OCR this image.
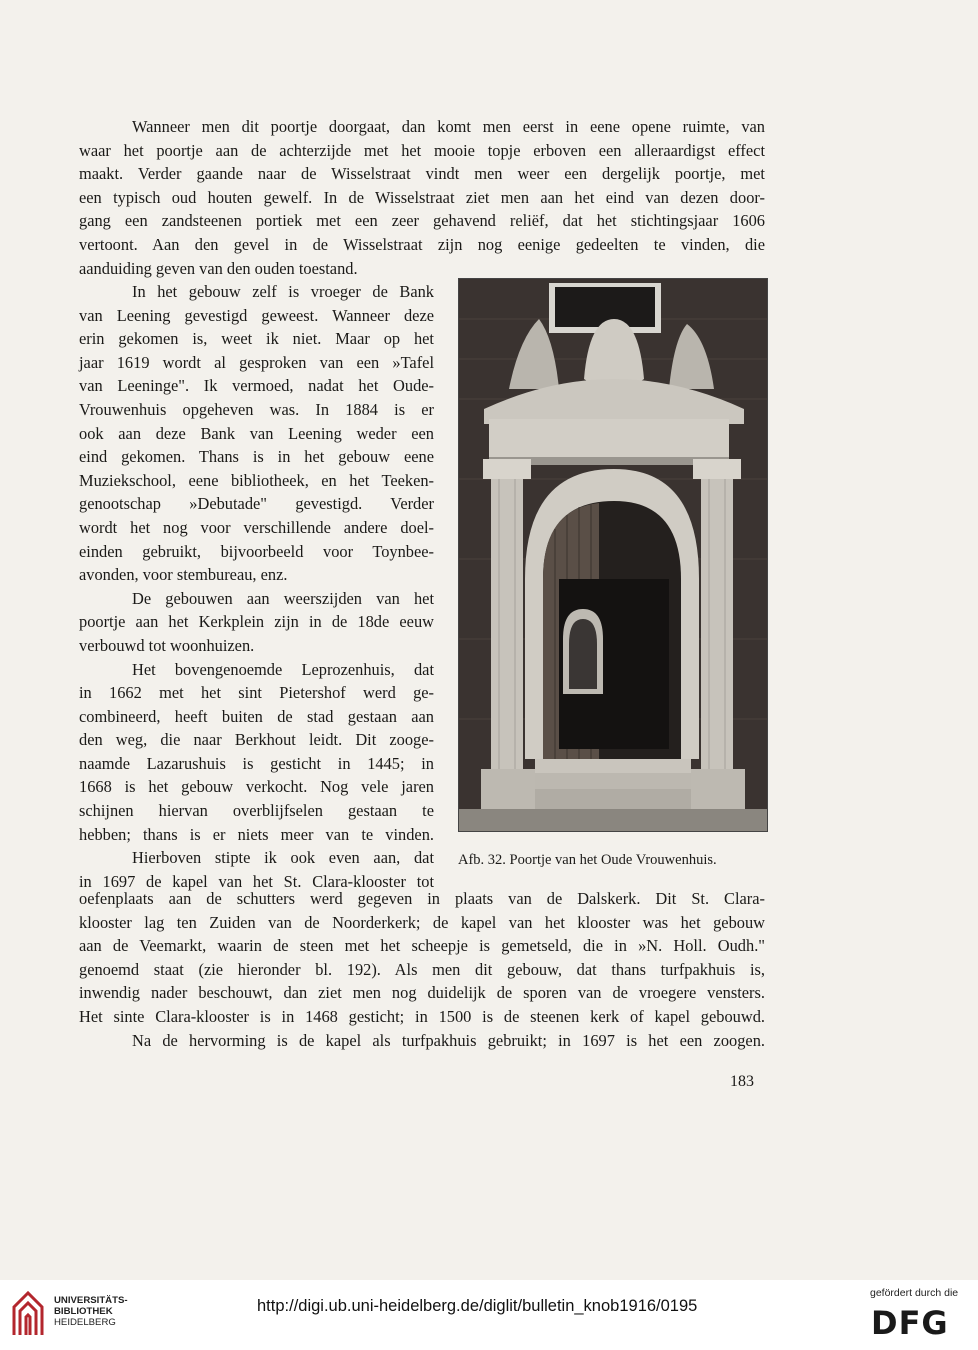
Wanneer men dit poortje doorgaat, dan komt men eerst in eene opene ruimte, van
waar het poortje aan de achterzijde met het mooie topje erboven een alleraardigst effect
maakt. Verder gaande naar de Wisselstraat vindt men weer een dergelijk poortje, met
een typisch oud houten gewelf. In de Wisselstraat ziet men aan het eind van dezen door-
gang een zandsteenen portiek met een zeer gehavend reliëf, dat het stichtingsjaar 1606
vertoont. Aan den gevel in de Wisselstraat zijn nog eenige gedeelten te vinden, die
aanduiding geven van den ouden toestand.
In het gebouw zelf is vroeger de Bank
van Leening gevestigd geweest. Wanneer deze
erin gekomen is, weet ik niet. Maar op het
jaar 1619 wordt al gesproken van een »Tafel
van Leeninge". Ik vermoed, nadat het Oude-
Vrouwenhuis opgeheven was. In 1884 is er
ook aan deze Bank van Leening weder een
eind gekomen. Thans is in het gebouw eene
Muziekschool, eene bibliotheek, en het Teeken-
genootschap »Debutade" gevestigd. Verder
wordt het nog voor verschillende andere doel-
einden gebruikt, bijvoorbeeld voor Toynbee-
avonden, voor stembureau, enz.
De gebouwen aan weerszijden van het
poortje aan het Kerkplein zijn in de 18de eeuw
verbouwd tot woonhuizen.
Het bovengenoemde Leprozenhuis, dat
in 1662 met het sint Pietershof werd ge-
combineerd, heeft buiten de stad gestaan aan
den weg, die naar Berkhout leidt. Dit zooge-
naamde Lazarushuis is gesticht in 1445; in
1668 is het gebouw verkocht. Nog vele jaren
schijnen hiervan overblijfselen gestaan te
hebben; thans is er niets meer van te vinden.
Hierboven stipte ik ook even aan, dat
in 1697 de kapel van het St. Clara-klooster tot
Afb. 32. Poortje van het Oude Vrouwenhuis.
oefenplaats aan de schutters werd gegeven in plaats van de Dalskerk. Dit St. Clara-
klooster lag ten Zuiden van de Noorderkerk; de kapel van het klooster was het gebouw
aan de Veemarkt, waarin de steen met het scheepje is gemetseld, die in »N. Holl. Oudh."
genoemd staat (zie hieronder bl. 192). Als men dit gebouw, dat thans turfpakhuis is,
inwendig nader beschouwt, dan ziet men nog duidelijk de sporen van de vroegere vensters.
Het sinte Clara-klooster is in 1468 gesticht; in 1500 is de steenen kerk of kapel gebouwd.
Na de hervorming is de kapel als turfpakhuis gebruikt; in 1697 is het een zoogen.
183
UNIVERSITÄTS-
BIBLIOTHEK
HEIDELBERG
http://digi.ub.uni-heidelberg.de/diglit/bulletin_knob1916/0195
gefördert durch die
DFG
